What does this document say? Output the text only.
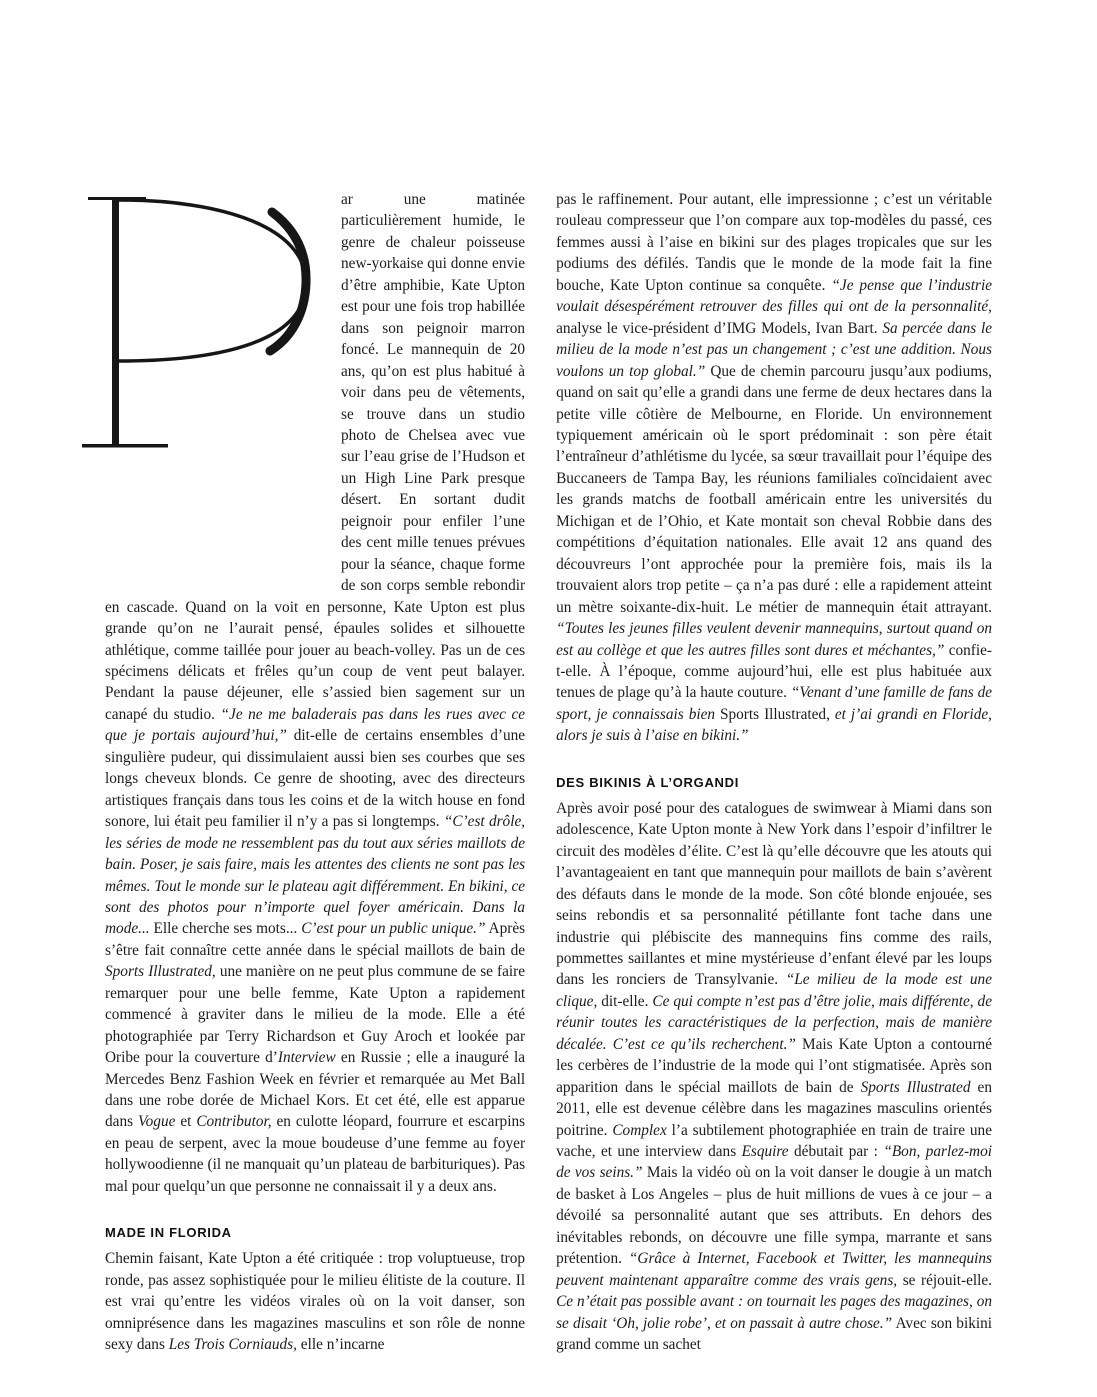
ar une matinée particulièrement humide, le genre de chaleur poisseuse new-yorkaise qui donne envie d’être amphibie, Kate Upton est pour une fois trop habillée dans son peignoir marron foncé. Le mannequin de 20 ans, qu’on est plus habitué à voir dans peu de vêtements, se trouve dans un studio photo de Chelsea avec vue sur l’eau grise de l’Hudson et un High Line Park presque désert. En sortant dudit peignoir pour enfiler l’une des cent mille tenues prévues pour la séance, chaque forme de son corps semble rebondir en cascade. Quand on la voit en personne, Kate Upton est plus grande qu’on ne l’aurait pensé, épaules solides et silhouette athlétique, comme taillée pour jouer au beach-volley. Pas un de ces spécimens délicats et frêles qu’un coup de vent peut balayer. Pendant la pause déjeuner, elle s’assied bien sagement sur un canapé du studio. “Je ne me baladerais pas dans les rues avec ce que je portais aujourd’hui,” dit-elle de certains ensembles d’une singulière pudeur, qui dissimulaient aussi bien ses courbes que ses longs cheveux blonds. Ce genre de shooting, avec des directeurs artistiques français dans tous les coins et de la witch house en fond sonore, lui était peu familier il n’y a pas si longtemps. “C’est drôle, les séries de mode ne ressemblent pas du tout aux séries maillots de bain. Poser, je sais faire, mais les attentes des clients ne sont pas les mêmes. Tout le monde sur le plateau agit différemment. En bikini, ce sont des photos pour n’importe quel foyer américain. Dans la mode... Elle cherche ses mots... C’est pour un public unique.” Après s’être fait connaître cette année dans le spécial maillots de bain de Sports Illustrated, une manière on ne peut plus commune de se faire remarquer pour une belle femme, Kate Upton a rapidement commencé à graviter dans le milieu de la mode. Elle a été photographiée par Terry Richardson et Guy Aroch et lookée par Oribe pour la couverture d’Interview en Russie ; elle a inauguré la Mercedes Benz Fashion Week en février et remarquée au Met Ball dans une robe dorée de Michael Kors. Et cet été, elle est apparue dans Vogue et Contributor, en culotte léopard, fourrure et escarpins en peau de serpent, avec la moue boudeuse d’une femme au foyer hollywoodienne (il ne manquait qu’un plateau de barbituriques). Pas mal pour quelqu’un que personne ne connaissait il y a deux ans.

MADE IN FLORIDA

Chemin faisant, Kate Upton a été critiquée : trop voluptueuse, trop ronde, pas assez sophistiquée pour le milieu élitiste de la couture. Il est vrai qu’entre les vidéos virales où on la voit danser, son omniprésence dans les magazines masculins et son rôle de nonne sexy dans Les Trois Corniauds, elle n’incarne

pas le raffinement. Pour autant, elle impressionne ; c’est un véritable rouleau compresseur que l’on compare aux top-modèles du passé, ces femmes aussi à l’aise en bikini sur des plages tropicales que sur les podiums des défilés. Tandis que le monde de la mode fait la fine bouche, Kate Upton continue sa conquête. “Je pense que l’industrie voulait désespérément retrouver des filles qui ont de la personnalité, analyse le vice-président d’IMG Models, Ivan Bart. Sa percée dans le milieu de la mode n’est pas un changement ; c’est une addition. Nous voulons un top global.” Que de chemin parcouru jusqu’aux podiums, quand on sait qu’elle a grandi dans une ferme de deux hectares dans la petite ville côtière de Melbourne, en Floride. Un environnement typiquement américain où le sport prédominait : son père était l’entraîneur d’athlétisme du lycée, sa sœur travaillait pour l’équipe des Buccaneers de Tampa Bay, les réunions familiales coïncidaient avec les grands matchs de football américain entre les universités du Michigan et de l’Ohio, et Kate montait son cheval Robbie dans des compétitions d’équitation nationales. Elle avait 12 ans quand des découvreurs l’ont approchée pour la première fois, mais ils la trouvaient alors trop petite – ça n’a pas duré : elle a rapidement atteint un mètre soixante-dix-huit. Le métier de mannequin était attrayant. “Toutes les jeunes filles veulent devenir mannequins, surtout quand on est au collège et que les autres filles sont dures et méchantes,” confie-t-elle. À l’époque, comme aujourd’hui, elle est plus habituée aux tenues de plage qu’à la haute couture. “Venant d’une famille de fans de sport, je connaissais bien Sports Illustrated, et j’ai grandi en Floride, alors je suis à l’aise en bikini.”

DES BIKINIS À L’ORGANDI

Après avoir posé pour des catalogues de swimwear à Miami dans son adolescence, Kate Upton monte à New York dans l’espoir d’infiltrer le circuit des modèles d’élite. C’est là qu’elle découvre que les atouts qui l’avantageaient en tant que mannequin pour maillots de bain s’avèrent des défauts dans le monde de la mode. Son côté blonde enjouée, ses seins rebondis et sa personnalité pétillante font tache dans une industrie qui plébiscite des mannequins fins comme des rails, pommettes saillantes et mine mystérieuse d’enfant élevé par les loups dans les ronciers de Transylvanie. “Le milieu de la mode est une clique, dit-elle. Ce qui compte n’est pas d’être jolie, mais différente, de réunir toutes les caractéristiques de la perfection, mais de manière décalée. C’est ce qu’ils recherchent.” Mais Kate Upton a contourné les cerbères de l’industrie de la mode qui l’ont stigmatisée. Après son apparition dans le spécial maillots de bain de Sports Illustrated en 2011, elle est devenue célèbre dans les magazines masculins orientés poitrine. Complex l’a subtilement photographiée en train de traire une vache, et une interview dans Esquire débutait par : “Bon, parlez-moi de vos seins.” Mais la vidéo où on la voit danser le dougie à un match de basket à Los Angeles – plus de huit millions de vues à ce jour – a dévoilé sa personnalité autant que ses attributs. En dehors des inévitables rebonds, on découvre une fille sympa, marrante et sans prétention. “Grâce à Internet, Facebook et Twitter, les mannequins peuvent maintenant apparaître comme des vrais gens, se réjouit-elle. Ce n’était pas possible avant : on tournait les pages des magazines, on se disait ‘Oh, jolie robe’, et on passait à autre chose.” Avec son bikini grand comme un sachet
